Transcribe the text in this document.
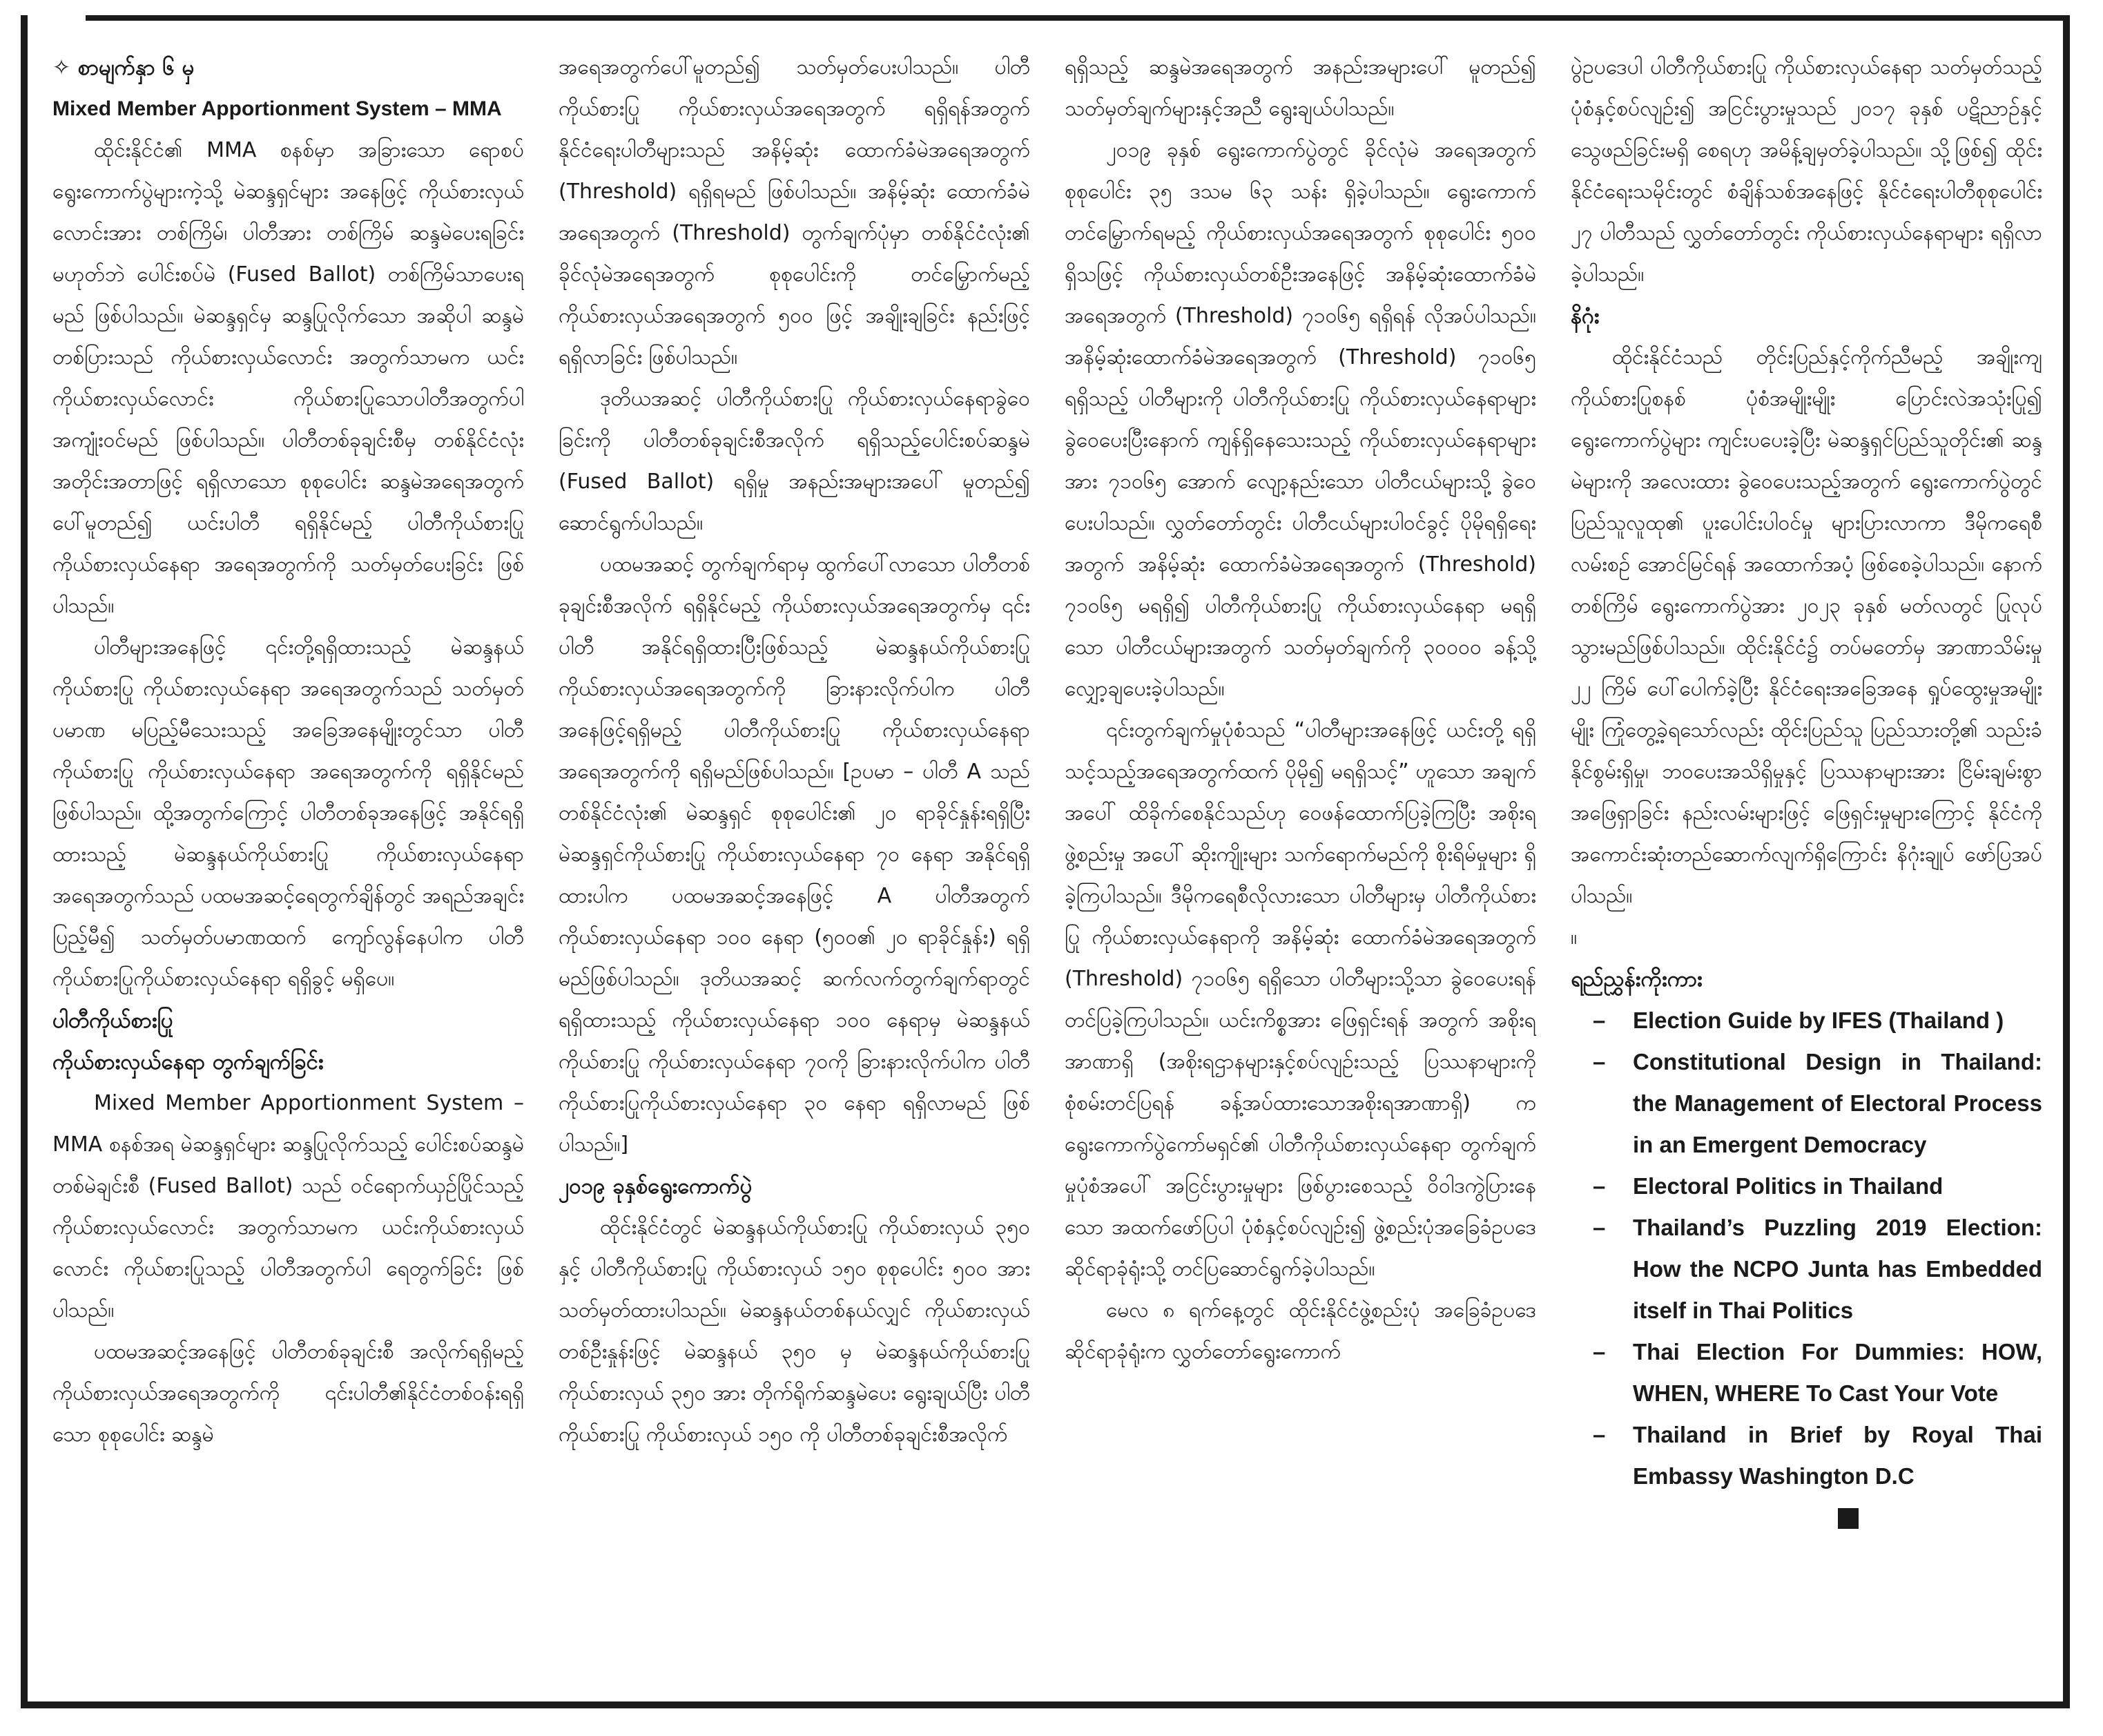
✧ စာမျက်နှာ ၆ မှ

Mixed Member Apportionment System – MMA

ထိုင်းနိုင်ငံ၏ MMA စနစ်မှာ အခြားသော ရောစပ်ရွေးကောက်ပွဲများကဲ့သို့ မဲဆန္ဒရှင်များ အနေဖြင့် ကိုယ်စားလှယ်လောင်းအား တစ်ကြိမ်၊ ပါတီအား တစ်ကြိမ် ဆန္ဒမဲပေးရခြင်းမဟုတ်ဘဲ ပေါင်းစပ်မဲ (Fused Ballot) တစ်ကြိမ်သာပေးရမည် ဖြစ်ပါသည်။ မဲဆန္ဒရှင်မှ ဆန္ဒပြုလိုက်သော အဆိုပါ ဆန္ဒမဲတစ်ပြားသည် ကိုယ်စားလှယ်လောင်း အတွက်သာမက ယင်းကိုယ်စားလှယ်လောင်း ကိုယ်စားပြုသောပါတီအတွက်ပါ အကျုံးဝင်မည် ဖြစ်ပါသည်။ ပါတီတစ်ခုချင်းစီမှ တစ်နိုင်ငံလုံး အတိုင်းအတာဖြင့် ရရှိလာသော စုစုပေါင်း ဆန္ဒမဲအရေအတွက်ပေါ်မူတည်၍ ယင်းပါတီ ရရှိနိုင်မည့် ပါတီကိုယ်စားပြုကိုယ်စားလှယ်နေရာ အရေအတွက်ကို သတ်မှတ်ပေးခြင်း ဖြစ်ပါသည်။

ပါတီများအနေဖြင့် ၎င်းတို့ရရှိထားသည့် မဲဆန္ဒနယ်ကိုယ်စားပြု ကိုယ်စားလှယ်နေရာ အရေအတွက်သည် သတ်မှတ်ပမာဏ မပြည့်မီသေးသည့် အခြေအနေမျိုးတွင်သာ ပါတီကိုယ်စားပြု ကိုယ်စားလှယ်နေရာ အရေအတွက်ကို ရရှိနိုင်မည် ဖြစ်ပါသည်။ ထို့အတွက်ကြောင့် ပါတီတစ်ခုအနေဖြင့် အနိုင်ရရှိထားသည့် မဲဆန္ဒနယ်ကိုယ်စားပြု ကိုယ်စားလှယ်နေရာ အရေအတွက်သည် ပထမအဆင့်ရေတွက်ချိန်တွင် အရည်အချင်းပြည့်မီ၍ သတ်မှတ်ပမာဏထက် ကျော်လွန်နေပါက ပါတီကိုယ်စားပြုကိုယ်စားလှယ်နေရာ ရရှိခွင့် မရှိပေ။

ပါတီကိုယ်စားပြု

ကိုယ်စားလှယ်နေရာ တွက်ချက်ခြင်း

Mixed Member Apportionment System –MMA စနစ်အရ မဲဆန္ဒရှင်များ ဆန္ဒပြုလိုက်သည့် ပေါင်းစပ်ဆန္ဒမဲတစ်မဲချင်းစီ (Fused Ballot) သည် ဝင်ရောက်ယှဉ်ပြိုင်သည့် ကိုယ်စားလှယ်လောင်း အတွက်သာမက ယင်းကိုယ်စားလှယ်လောင်း ကိုယ်စားပြုသည့် ပါတီအတွက်ပါ ရေတွက်ခြင်း ဖြစ်ပါသည်။

ပထမအဆင့်အနေဖြင့် ပါတီတစ်ခုချင်းစီ အလိုက်ရရှိမည့် ကိုယ်စားလှယ်အရေအတွက်ကို ၎င်းပါတီ၏နိုင်ငံတစ်ဝန်းရရှိသော စုစုပေါင်း ဆန္ဒမဲ

အရေအတွက်ပေါ်မူတည်၍ သတ်မှတ်ပေးပါသည်။ ပါတီကိုယ်စားပြု ကိုယ်စားလှယ်အရေအတွက် ရရှိရန်အတွက် နိုင်ငံရေးပါတီများသည် အနိမ့်ဆုံး ထောက်ခံမဲအရေအတွက် (Threshold) ရရှိရမည် ဖြစ်ပါသည်။ အနိမ့်ဆုံး ထောက်ခံမဲအရေအတွက် (Threshold) တွက်ချက်ပုံမှာ တစ်နိုင်ငံလုံး၏ ခိုင်လုံမဲအရေအတွက် စုစုပေါင်းကို တင်မြှောက်မည့် ကိုယ်စားလှယ်အရေအတွက် ၅၀၀ ဖြင့် အချိုးချခြင်း နည်းဖြင့် ရရှိလာခြင်း ဖြစ်ပါသည်။

ဒုတိယအဆင့် ပါတီကိုယ်စားပြု ကိုယ်စားလှယ်နေရာခွဲဝေခြင်းကို ပါတီတစ်ခုချင်းစီအလိုက် ရရှိသည့်ပေါင်းစပ်ဆန္ဒမဲ (Fused Ballot) ရရှိမှု အနည်းအများအပေါ် မူတည်၍ ဆောင်ရွက်ပါသည်။

ပထမအဆင့် တွက်ချက်ရာမှ ထွက်ပေါ်လာသော ပါတီတစ်ခုချင်းစီအလိုက် ရရှိနိုင်မည့် ကိုယ်စားလှယ်အရေအတွက်မှ ၎င်းပါတီ အနိုင်ရရှိထားပြီးဖြစ်သည့် မဲဆန္ဒနယ်ကိုယ်စားပြု ကိုယ်စားလှယ်အရေအတွက်ကို ခြားနားလိုက်ပါက ပါတီအနေဖြင့်ရရှိမည့် ပါတီကိုယ်စားပြု ကိုယ်စားလှယ်နေရာအရေအတွက်ကို ရရှိမည်ဖြစ်ပါသည်။ [ဥပမာ – ပါတီ A သည် တစ်နိုင်ငံလုံး၏ မဲဆန္ဒရှင် စုစုပေါင်း၏ ၂၀ ရာခိုင်နှုန်းရရှိပြီး မဲဆန္ဒရှင်ကိုယ်စားပြု ကိုယ်စားလှယ်နေရာ ၇၀ နေရာ အနိုင်ရရှိထားပါက ပထမအဆင့်အနေဖြင့် A ပါတီအတွက် ကိုယ်စားလှယ်နေရာ ၁၀၀ နေရာ (၅၀၀၏ ၂၀ ရာခိုင်နှုန်း) ရရှိမည်ဖြစ်ပါသည်။ ဒုတိယအဆင့် ဆက်လက်တွက်ချက်ရာတွင် ရရှိထားသည့် ကိုယ်စားလှယ်နေရာ ၁၀၀ နေရာမှ မဲဆန္ဒနယ်ကိုယ်စားပြု ကိုယ်စားလှယ်နေရာ ၇၀ကို ခြားနားလိုက်ပါက ပါတီကိုယ်စားပြုကိုယ်စားလှယ်နေရာ ၃၀ နေရာ ရရှိလာမည် ဖြစ်ပါသည်။]

၂၀၁၉ ခုနှစ်ရွေးကောက်ပွဲ

ထိုင်းနိုင်ငံတွင် မဲဆန္ဒနယ်ကိုယ်စားပြု ကိုယ်စားလှယ် ၃၅၀ နှင့် ပါတီကိုယ်စားပြု ကိုယ်စားလှယ် ၁၅၀ စုစုပေါင်း ၅၀၀ အား သတ်မှတ်ထားပါသည်။ မဲဆန္ဒနယ်တစ်နယ်လျှင် ကိုယ်စားလှယ်တစ်ဦးနှုန်းဖြင့် မဲဆန္ဒနယ် ၃၅၀ မှ မဲဆန္ဒနယ်ကိုယ်စားပြု ကိုယ်စားလှယ် ၃၅၀ အား တိုက်ရိုက်ဆန္ဒမဲပေး ရွေးချယ်ပြီး ပါတီကိုယ်စားပြု ကိုယ်စားလှယ် ၁၅၀ ကို ပါတီတစ်ခုချင်းစီအလိုက်

ရရှိသည့် ဆန္ဒမဲအရေအတွက် အနည်းအများပေါ် မူတည်၍ သတ်မှတ်ချက်များနှင့်အညီ ရွေးချယ်ပါသည်။

၂၀၁၉ ခုနှစ် ရွေးကောက်ပွဲတွင် ခိုင်လုံမဲ အရေအတွက် စုစုပေါင်း ၃၅ ဒသမ ၆၃ သန်း ရှိခဲ့ပါသည်။ ရွေးကောက်တင်မြှောက်ရမည့် ကိုယ်စားလှယ်အရေအတွက် စုစုပေါင်း ၅၀၀ ရှိသဖြင့် ကိုယ်စားလှယ်တစ်ဦးအနေဖြင့် အနိမ့်ဆုံးထောက်ခံမဲအရေအတွက် (Threshold) ၇၁၀၆၅ ရရှိရန် လိုအပ်ပါသည်။ အနိမ့်ဆုံးထောက်ခံမဲအရေအတွက် (Threshold) ၇၁၀၆၅ ရရှိသည့် ပါတီများကို ပါတီကိုယ်စားပြု ကိုယ်စားလှယ်နေရာများ ခွဲဝေပေးပြီးနောက် ကျန်ရှိနေသေးသည့် ကိုယ်စားလှယ်နေရာများအား ၇၁၀၆၅ အောက် လျော့နည်းသော ပါတီငယ်များသို့ ခွဲဝေပေးပါသည်။ လွှတ်တော်တွင်း ပါတီငယ်များပါဝင်ခွင့် ပိုမိုရရှိရေးအတွက် အနိမ့်ဆုံး ထောက်ခံမဲအရေအတွက် (Threshold) ၇၁၀၆၅ မရရှိ၍ ပါတီကိုယ်စားပြု ကိုယ်စားလှယ်နေရာ မရရှိသော ပါတီငယ်များအတွက် သတ်မှတ်ချက်ကို ၃၀၀၀၀ ခန့်သို့ လျှော့ချပေးခဲ့ပါသည်။

၎င်းတွက်ချက်မှုပုံစံသည် “ပါတီများအနေဖြင့် ယင်းတို့ ရရှိသင့်သည့်အရေအတွက်ထက် ပိုမို၍ မရရှိသင့်” ဟူသော အချက်အပေါ် ထိခိုက်စေနိုင်သည်ဟု ဝေဖန်ထောက်ပြခဲ့ကြပြီး အစိုးရဖွဲ့စည်းမှု အပေါ် ဆိုးကျိုးများ သက်ရောက်မည်ကို စိုးရိမ်မှုများ ရှိခဲ့ကြပါသည်။ ဒီမိုကရေစီလိုလားသော ပါတီများမှ ပါတီကိုယ်စားပြု ကိုယ်စားလှယ်နေရာကို အနိမ့်ဆုံး ထောက်ခံမဲအရေအတွက် (Threshold) ၇၁၀၆၅ ရရှိသော ပါတီများသို့သာ ခွဲဝေပေးရန် တင်ပြခဲ့ကြပါသည်။ ယင်းကိစ္စအား ဖြေရှင်းရန် အတွက် အစိုးရအာဏာရှိ (အစိုးရဌာနများနှင့်စပ်လျဉ်းသည့် ပြဿနာများကို စုံစမ်းတင်ပြရန် ခန့်အပ်ထားသောအစိုးရအာဏာရှိ) က ရွေးကောက်ပွဲကော်မရှင်၏ ပါတီကိုယ်စားလှယ်နေရာ တွက်ချက်မှုပုံစံအပေါ် အငြင်းပွားမှုများ ဖြစ်ပွားစေသည့် ဝိဝါဒကွဲပြားနေသော အထက်ဖော်ပြပါ ပုံစံနှင့်စပ်လျဉ်း၍ ဖွဲ့စည်းပုံအခြေခံဥပဒေဆိုင်ရာခုံရုံးသို့ တင်ပြဆောင်ရွက်ခဲ့ပါသည်။

မေလ ၈ ရက်နေ့တွင် ထိုင်းနိုင်ငံဖွဲ့စည်းပုံ အခြေခံဥပဒေဆိုင်ရာခုံရုံးက လွှတ်တော်ရွေးကောက်

ပွဲဥပဒေပါ ပါတီကိုယ်စားပြု ကိုယ်စားလှယ်နေရာ သတ်မှတ်သည့်ပုံစံနှင့်စပ်လျဉ်း၍ အငြင်းပွားမှုသည် ၂၀၁၇ ခုနှစ် ပဋိညာဉ်နှင့်သွေဖည်ခြင်းမရှိ စေရဟု အမိန့်ချမှတ်ခဲ့ပါသည်။ သို့ဖြစ်၍ ထိုင်းနိုင်ငံရေးသမိုင်းတွင် စံချိန်သစ်အနေဖြင့် နိုင်ငံရေးပါတီစုစုပေါင်း ၂၇ ပါတီသည် လွှတ်တော်တွင်း ကိုယ်စားလှယ်နေရာများ ရရှိလာခဲ့ပါသည်။

နိဂုံး

ထိုင်းနိုင်ငံသည် တိုင်းပြည်နှင့်ကိုက်ညီမည့် အချိုးကျကိုယ်စားပြုစနစ် ပုံစံအမျိုးမျိုး ပြောင်းလဲအသုံးပြု၍ ရွေးကောက်ပွဲများ ကျင်းပပေးခဲ့ပြီး မဲဆန္ဒရှင်ပြည်သူတိုင်း၏ ဆန္ဒမဲများကို အလေးထား ခွဲဝေပေးသည့်အတွက် ရွေးကောက်ပွဲတွင် ပြည်သူလူထု၏ ပူးပေါင်းပါဝင်မှု များပြားလာကာ ဒီမိုကရေစီလမ်းစဉ် အောင်မြင်ရန် အထောက်အပံ့ ဖြစ်စေခဲ့ပါသည်။ နောက်တစ်ကြိမ် ရွေးကောက်ပွဲအား ၂၀၂၃ ခုနှစ် မတ်လတွင် ပြုလုပ်သွားမည်ဖြစ်ပါသည်။ ထိုင်းနိုင်ငံ၌ တပ်မတော်မှ အာဏာသိမ်းမှု ၂၂ ကြိမ် ပေါ်ပေါက်ခဲ့ပြီး နိုင်ငံရေးအခြေအနေ ရှုပ်ထွေးမှုအမျိုးမျိုး ကြုံတွေ့ခဲ့ရသော်လည်း ထိုင်းပြည်သူ ပြည်သားတို့၏ သည်းခံနိုင်စွမ်းရှိမှု၊ ဘဝပေးအသိရှိမှုနှင့် ပြဿနာများအား ငြိမ်းချမ်းစွာအဖြေရှာခြင်း နည်းလမ်းများဖြင့် ဖြေရှင်းမှုများကြောင့် နိုင်ငံကို အကောင်းဆုံးတည်ဆောက်လျက်ရှိကြောင်း နိဂုံးချုပ် ဖော်ပြအပ်ပါသည်။

။

ရည်ညွှန်းကိုးကား

– Election Guide by IFES (Thailand )
– Constitutional Design in Thailand: the Management of Electoral Process in an Emergent Democracy
– Electoral Politics in Thailand
– Thailand’s Puzzling 2019 Election: How the NCPO Junta has Embedded itself in Thai Politics
– Thai Election For Dummies: HOW, WHEN, WHERE To Cast Your Vote
– Thailand in Brief by Royal Thai Embassy Washington D.C
